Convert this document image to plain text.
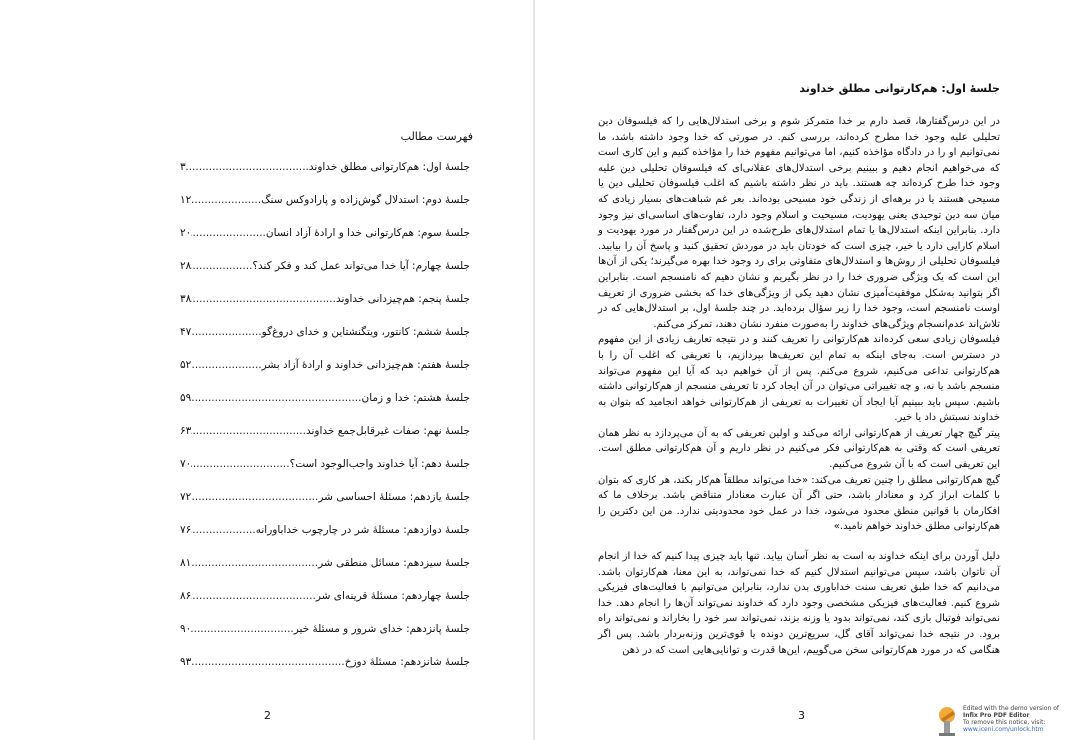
فهرست مطالب
جلسهٔ اول: هم‌کارتوانی مطلق خداوند
.....
۳
جلسهٔ دوم: استدلال گوش‌زاده و پارادوکس سنگ
.....
۱۲
جلسهٔ سوم: هم‌کارتوانی خدا و ارادهٔ آزاد انسان
.....
۲۰
جلسهٔ چهارم: آیا خدا می‌تواند عمل کند و فکر کند؟
.....
۲۸
جلسهٔ پنجم: هم‌چیزدانی خداوند
.....
۳۸
جلسهٔ ششم: کانتور، ویتگنشتاین و خدای دروغ‌گو
.....
۴۷
جلسهٔ هفتم: هم‌چیزدانی خداوند و ارادهٔ آزاد بشر
.....
۵۲
جلسهٔ هشتم: خدا و زمان
.....
۵۹
جلسهٔ نهم: صفات غیرقابل‌جمع خداوند
.....
۶۳
جلسهٔ دهم: آیا خداوند واجب‌الوجود است؟
.....
۷۰
جلسهٔ یازدهم: مسئلهٔ احساسی شر
.....
۷۲
جلسهٔ دوازدهم: مسئلهٔ شر در چارچوب خداباورانه
.....
۷۶
جلسهٔ سیزدهم: مسائل منطقی شر
.....
۸۱
جلسهٔ چهاردهم: مسئلهٔ قرینه‌ای شر
.....
۸۶
جلسهٔ پانزدهم: خدای شرور و مسئلهٔ خیر
.....
۹۰
جلسهٔ شانزدهم: مسئلهٔ دوزخ
.....
۹۳
2
جلسهٔ اول: هم‌کارتوانی مطلق خداوند

در این درس‌گفتارها، قصد دارم بر خدا متمرکز شوم و برخی استدلال‌هایی را که فیلسوفان دین تحلیلی علیه وجود خدا مطرح کرده‌اند، بررسی کنم. در صورتی که خدا وجود داشته باشد، ما نمی‌توانیم او را در دادگاه مؤاخذه کنیم، اما می‌توانیم مفهوم خدا را مؤاخذه کنیم و این کاری است که می‌خواهیم انجام دهیم و ببینیم برخی استدلال‌های عقلانی‌ای که فیلسوفان تحلیلی دین علیه وجود خدا طرح کرده‌اند چه هستند. باید در نظر داشته باشیم که اغلب فیلسوفان تحلیلی دین یا مسیحی هستند یا در برهه‌ای از زندگی خود مسیحی بوده‌اند. بعر غم شباهت‌های بسیار زیادی که میان سه دین توحیدی یعنی یهودیت، مسیحیت و اسلام وجود دارد، تفاوت‌های اساسی‌ای نیز وجود دارد. بنابراین اینکه استدلال‌ها یا تمام استدلال‌های طرح‌شده در این درس‌گفتار در مورد یهودیت و اسلام کارایی دارد یا خیر، چیزی است که خودتان باید در موردش تحقیق کنید و پاسخ آن را بیابید. فیلسوفان تحلیلی از روش‌ها و استدلال‌های متفاوتی برای رد وجود خدا بهره می‌گیرند؛ یکی از آن‌ها این است که یک ویژگی ضروری خدا را در نظر بگیریم و نشان دهیم که نامنسجم است. بنابراین اگر بتوانید به‌شکل موفقیت‌آمیزی نشان دهید یکی از ویژگی‌های خدا که بخشی ضروری از تعریف اوست نامنسجم است، وجود خدا را زیر سؤال برده‌اید. در چند جلسهٔ اول، بر استدلال‌هایی که در تلاش‌اند عدم‌انسجام ویژگی‌های خداوند را به‌صورت منفرد نشان دهند، تمرکز می‌کنم.

فیلسوفان زیادی سعی کرده‌اند هم‌کارتوانی را تعریف کنند و در نتیجه تعاریف زیادی از این مفهوم در دسترس است. به‌جای اینکه به تمام این تعریف‌ها بپردازیم، با تعریفی که اغلب آن را با هم‌کارتوانی تداعی می‌کنیم، شروع می‌کنم. پس از آن خواهیم دید که آیا این مفهوم می‌تواند منسجم باشد یا نه، و چه تغییراتی می‌توان در آن ایجاد کرد تا تعریفی منسجم از هم‌کارتوانی داشته باشیم. سپس باید ببینیم آیا ایجاد آن تغییرات به تعریفی از هم‌کارتوانی خواهد انجامید که بتوان به خداوند نسبتش داد یا خیر.

پیتر گیچ چهار تعریف از هم‌کارتوانی ارائه می‌کند و اولین تعریفی که به آن می‌پردازد به نظر همان تعریفی است که وقتی به هم‌کارتوانی فکر می‌کنیم در نظر داریم و آن هم‌کارتوانی مطلق است. این تعریفی است که با آن شروع می‌کنیم.

گیچ هم‌کارتوانی مطلق را چنین تعریف می‌کند: «خدا می‌تواند مطلقاً هم‌کار بکند، هر کاری که بتوان با کلمات ابراز کرد و معنادار باشد، حتی اگر آن عبارت معنادار متناقض باشد. برخلاف ما که افکارمان با قوانین منطق محدود می‌شود، خدا در عمل خود محدودیتی ندارد. من این دکترین را هم‌کارتوانی مطلق خداوند خواهم نامید.»

دلیل آوردن برای اینکه خداوند به است به نظر آسان بیاید. تنها باید چیزی پیدا کنیم که خدا از انجام آن ناتوان باشد، سپس می‌توانیم استدلال کنیم که خدا نمی‌تواند، به این معنا، هم‌کارتوان باشد. می‌دانیم که خدا طبق تعریف سنت خداباوری بدن ندارد، بنابراین می‌توانیم با فعالیت‌های فیزیکی شروع کنیم. فعالیت‌های فیزیکی مشخصی وجود دارد که خداوند نمی‌تواند آن‌ها را انجام دهد. خدا نمی‌تواند فوتبال بازی کند، نمی‌تواند بدود یا وزنه بزند، نمی‌تواند سر خود را بخاراند و نمی‌تواند راه برود. در نتیجه خدا نمی‌تواند آقای گل، سریع‌ترین دونده یا قوی‌ترین وزنه‌بردار باشد. پس اگر هنگامی که در مورد هم‌کارتوانی سخن می‌گوییم، این‌ها قدرت و توانایی‌هایی است که در ذهن

3
Edited with the demo version of
Infix Pro PDF Editor
To remove this notice, visit:
www.iceni.com/unlock.htm
